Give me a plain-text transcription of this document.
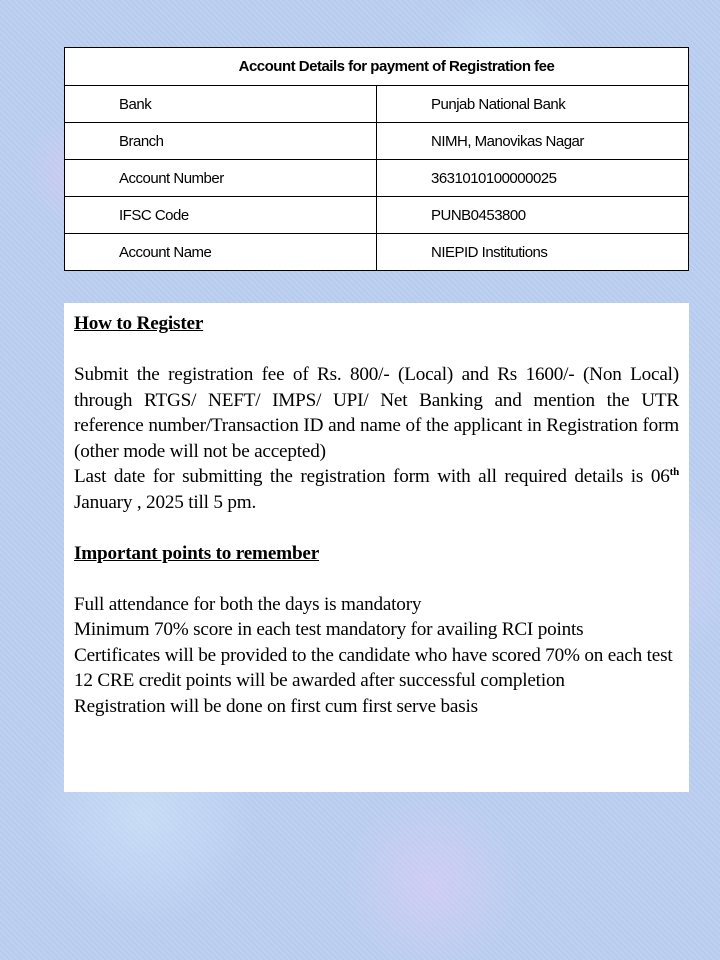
Account Details for payment of Registration fee	
Bank	Punjab National Bank
Branch	NIMH, Manovikas Nagar
Account Number	3631010100000025
IFSC Code	PUNB0453800
Account Name	NIEPID Institutions
How to Register
Submit the registration fee of Rs. 800/- (Local) and Rs 1600/- (Non Local) through RTGS/ NEFT/ IMPS/ UPI/ Net Banking and mention the UTR reference number/Transaction ID and name of the applicant in Registration form (other mode will not be accepted)
Last date for submitting the registration form with all required details is 06th January , 2025 till 5 pm.
Important points to remember
Full attendance for both the days is mandatory
Minimum 70% score in each test mandatory for availing RCI points
Certificates will be provided to the candidate who have scored 70% on each test
12 CRE credit points will be awarded after successful completion
Registration will be done on first cum first serve basis
